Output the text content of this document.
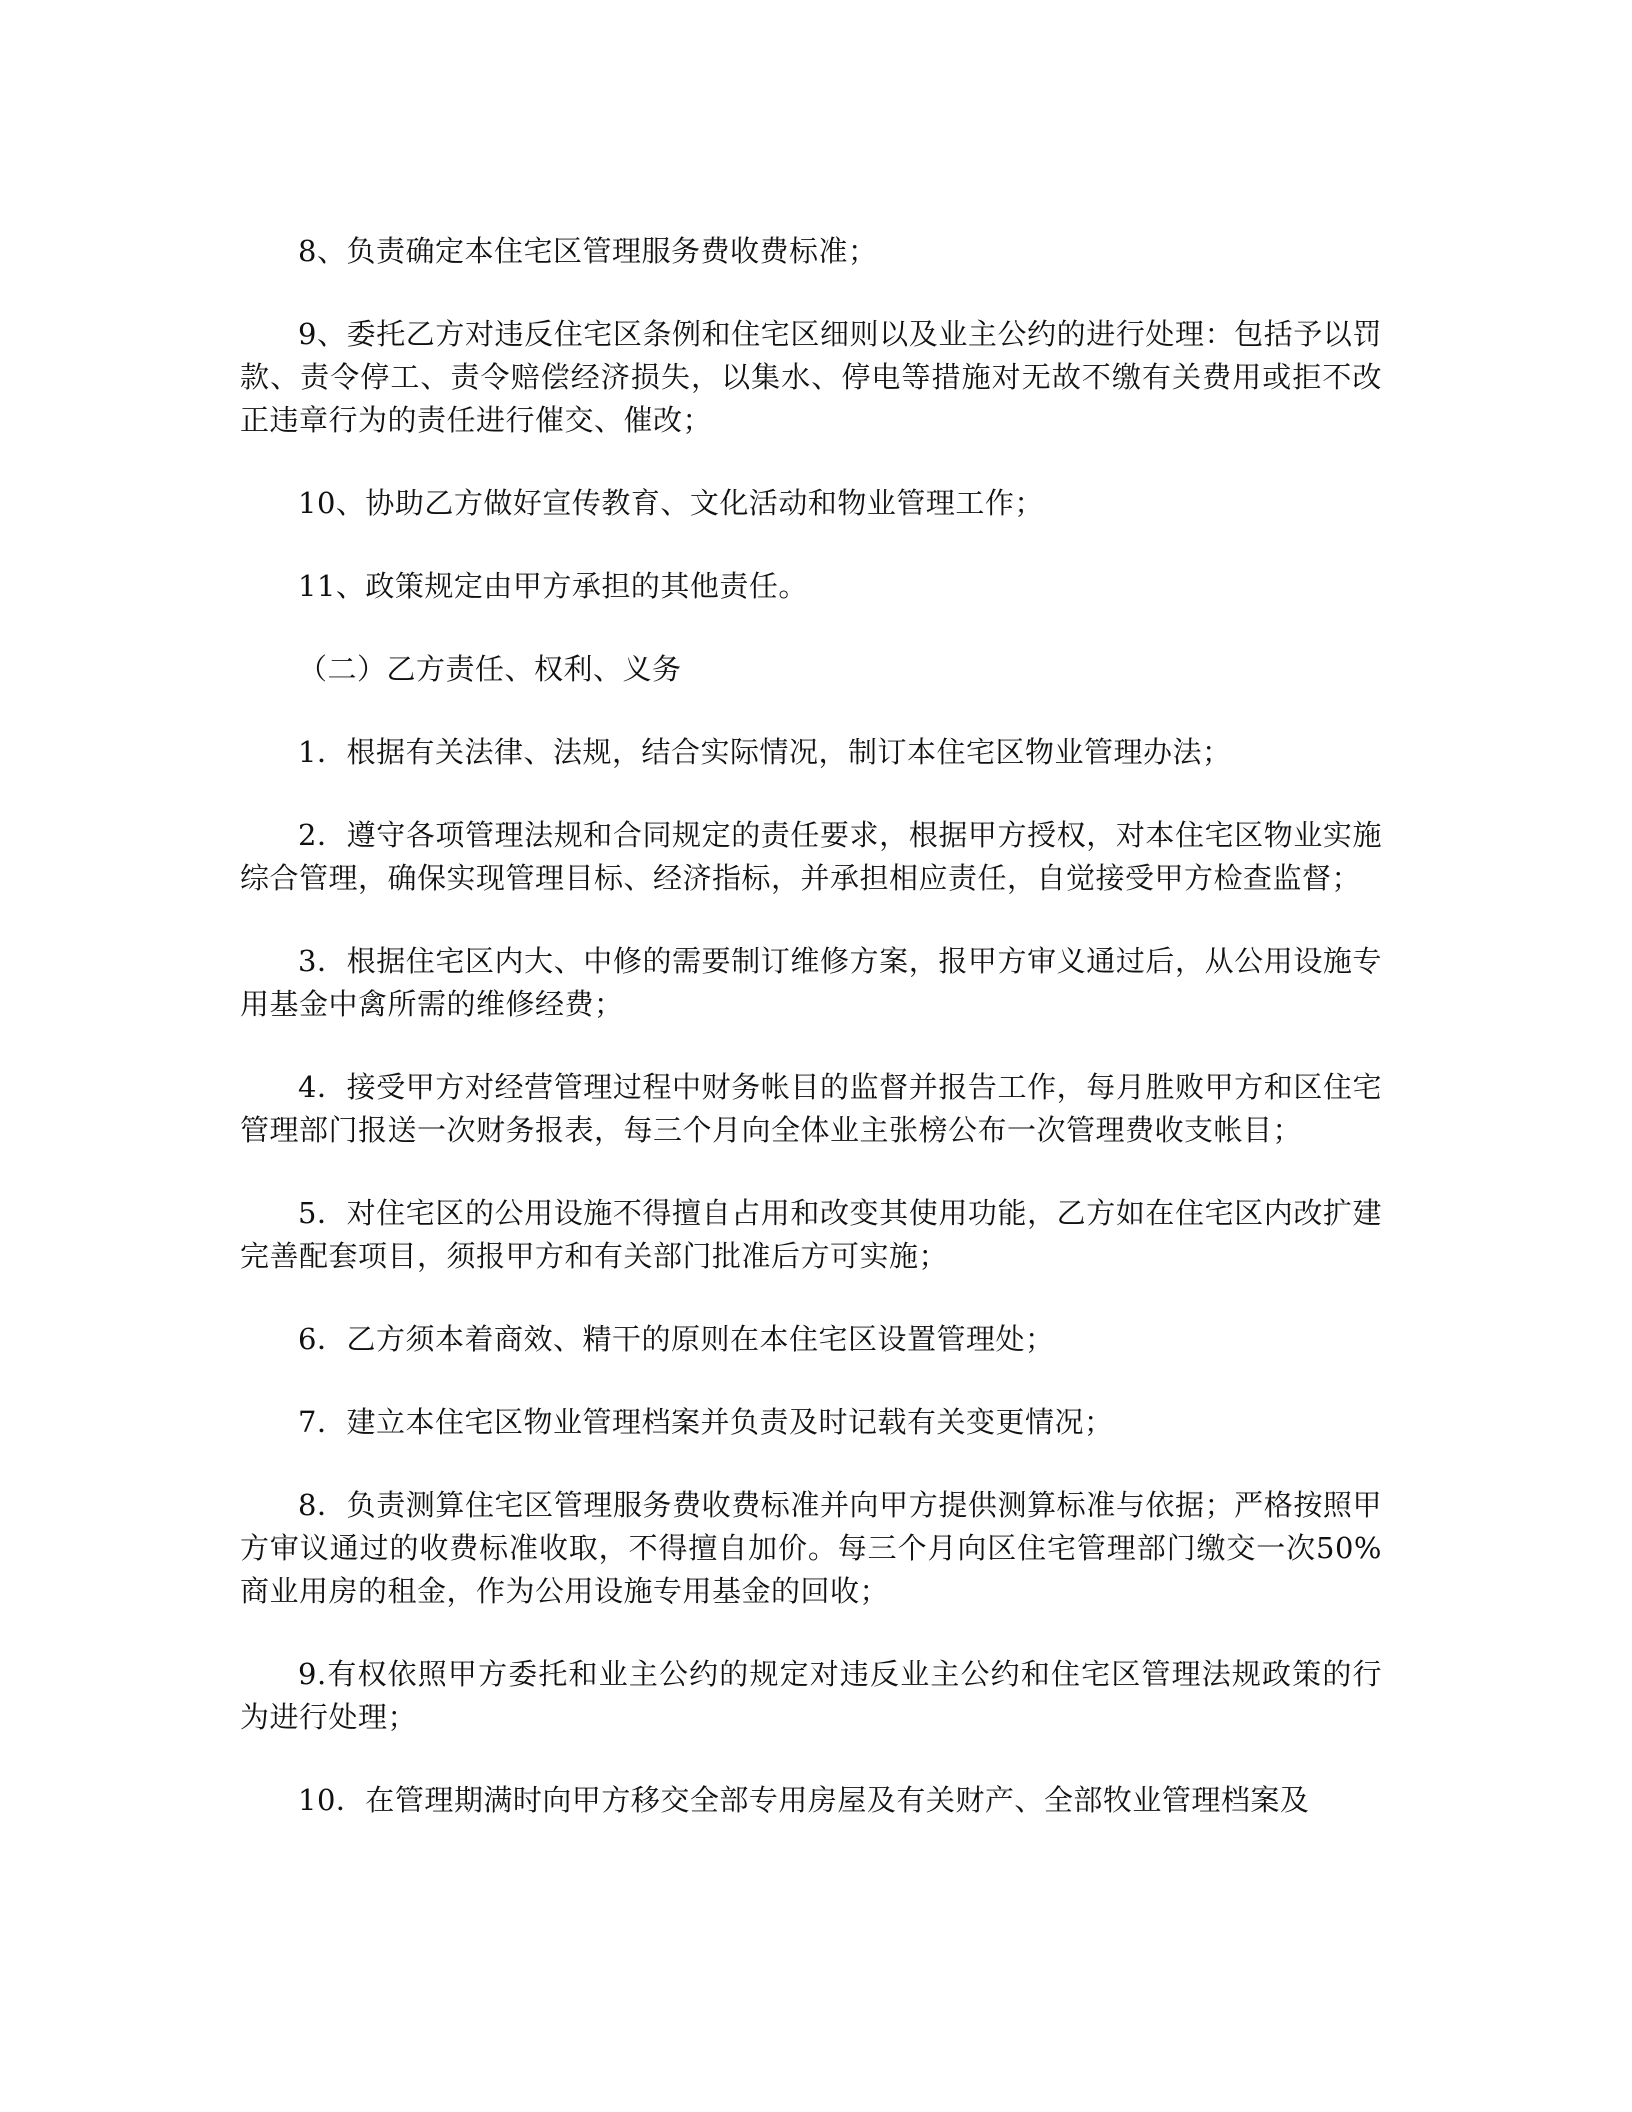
8、负责确定本住宅区管理服务费收费标准；

9、委托乙方对违反住宅区条例和住宅区细则以及业主公约的进行处理：包括予以罚款、责令停工、责令赔偿经济损失，以集水、停电等措施对无故不缴有关费用或拒不改正违章行为的责任进行催交、催改；

10、协助乙方做好宣传教育、文化活动和物业管理工作；

11、政策规定由甲方承担的其他责任。

（二）乙方责任、权利、义务

1．根据有关法律、法规，结合实际情况，制订本住宅区物业管理办法；

2．遵守各项管理法规和合同规定的责任要求，根据甲方授权，对本住宅区物业实施综合管理，确保实现管理目标、经济指标，并承担相应责任，自觉接受甲方检查监督；

3．根据住宅区内大、中修的需要制订维修方案，报甲方审义通过后，从公用设施专用基金中禽所需的维修经费；

4．接受甲方对经营管理过程中财务帐目的监督并报告工作，每月胜败甲方和区住宅管理部门报送一次财务报表，每三个月向全体业主张榜公布一次管理费收支帐目；

5．对住宅区的公用设施不得擅自占用和改变其使用功能，乙方如在住宅区内改扩建完善配套项目，须报甲方和有关部门批准后方可实施；

6．乙方须本着商效、精干的原则在本住宅区设置管理处；

7．建立本住宅区物业管理档案并负责及时记载有关变更情况；

8．负责测算住宅区管理服务费收费标准并向甲方提供测算标准与依据；严格按照甲方审议通过的收费标准收取，不得擅自加价。每三个月向区住宅管理部门缴交一次50%商业用房的租金，作为公用设施专用基金的回收；

9.有权依照甲方委托和业主公约的规定对违反业主公约和住宅区管理法规政策的行为进行处理；

10．在管理期满时向甲方移交全部专用房屋及有关财产、全部牧业管理档案及
